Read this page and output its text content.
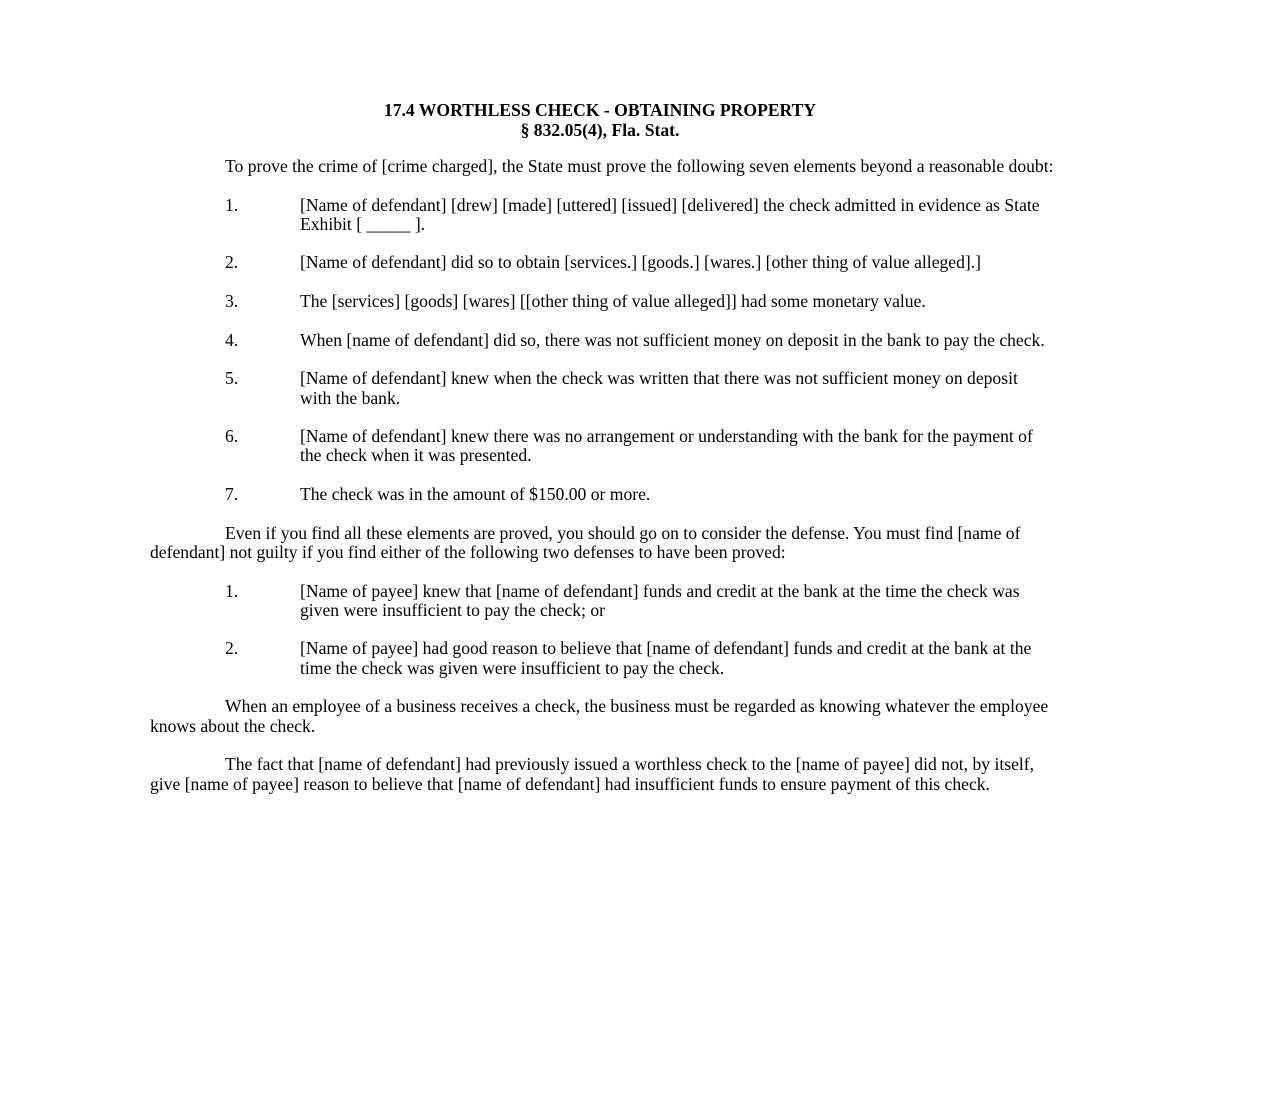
17.4 WORTHLESS CHECK - OBTAINING PROPERTY
§ 832.05(4), Fla. Stat.

To prove the crime of [crime charged], the State must prove the following seven elements beyond a reasonable doubt:

1.	[Name of defendant] [drew] [made] [uttered] [issued] [delivered] the check admitted in evidence as State Exhibit [ _____ ].
2.	[Name of defendant] did so to obtain [services.] [goods.] [wares.] [other thing of value alleged].]
3.	The [services] [goods] [wares] [[other thing of value alleged]] had some monetary value.
4.	When [name of defendant] did so, there was not sufficient money on deposit in the bank to pay the check.
5.	[Name of defendant] knew when the check was written that there was not sufficient money on deposit with the bank.
6.	[Name of defendant] knew there was no arrangement or understanding with the bank for the payment of the check when it was presented.
7.	The check was in the amount of $150.00 or more.

Even if you find all these elements are proved, you should go on to consider the defense. You must find [name of defendant] not guilty if you find either of the following two defenses to have been proved:

1.	[Name of payee] knew that [name of defendant] funds and credit at the bank at the time the check was given were insufficient to pay the check; or
2.	[Name of payee] had good reason to believe that [name of defendant] funds and credit at the bank at the time the check was given were insufficient to pay the check.

When an employee of a business receives a check, the business must be regarded as knowing whatever the employee knows about the check.

The fact that [name of defendant] had previously issued a worthless check to the [name of payee] did not, by itself, give [name of payee] reason to believe that [name of defendant] had insufficient funds to ensure payment of this check.
